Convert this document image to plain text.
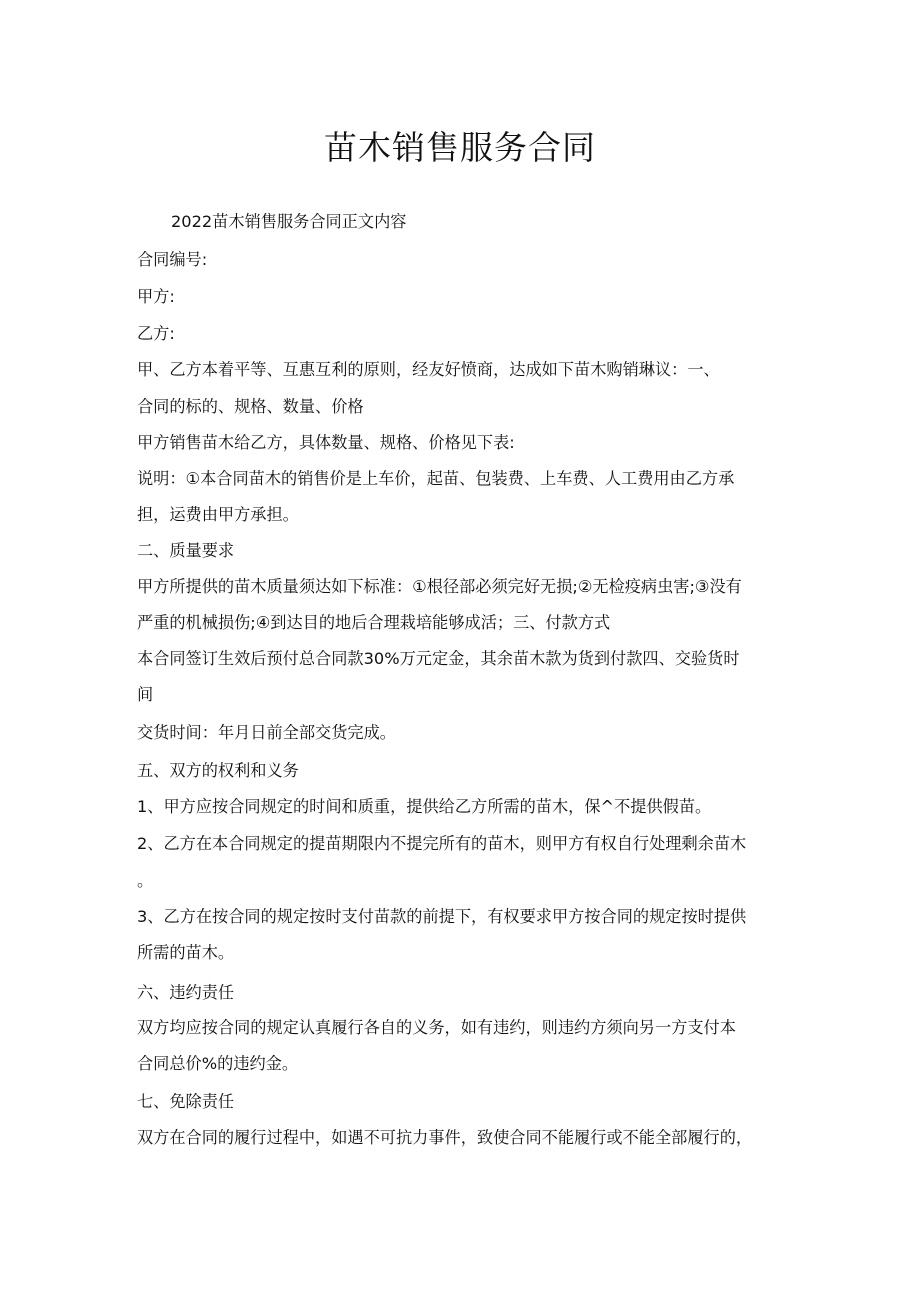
苗木销售服务合同
2022苗木销售服务合同正文内容
合同编号:
甲方:
乙方:
甲、乙方本着平等、互惠互利的原则，经友好愤商，达成如下苗木购销琳议：一、
合同的标的、规格、数量、价格
甲方销售苗木给乙方，具体数量、规格、价格见下表:
说明：①本合同苗木的销售价是上车价，起苗、包装费、上车费、人工费用由乙方承
担，运费由甲方承担。
二、质量要求
甲方所提供的苗木质量须达如下标准：①根径部必须完好无损;②无检疫病虫害;③没有
严重的机械损伤;④到达目的地后合理栽培能够成活；三、付款方式
本合同签订生效后预付总合同款30%万元定金，其余苗木款为货到付款四、交验货时
间
交货时间：年月日前全部交货完成。
五、双方的权利和义务
1、甲方应按合同规定的时间和质重，提供给乙方所需的苗木，保^不提供假苗。
2、乙方在本合同规定的提苗期限内不提完所有的苗木，则甲方有权自行处理剩余苗木
。
3、乙方在按合同的规定按时支付苗款的前提下，有权要求甲方按合同的规定按时提供
所需的苗木。
六、违约责任
双方均应按合同的规定认真履行各自的义务，如有违约，则违约方须向另一方支付本
合同总价%的违约金。
七、免除责任
双方在合同的履行过程中，如遇不可抗力事件，致使合同不能履行或不能全部履行的，
